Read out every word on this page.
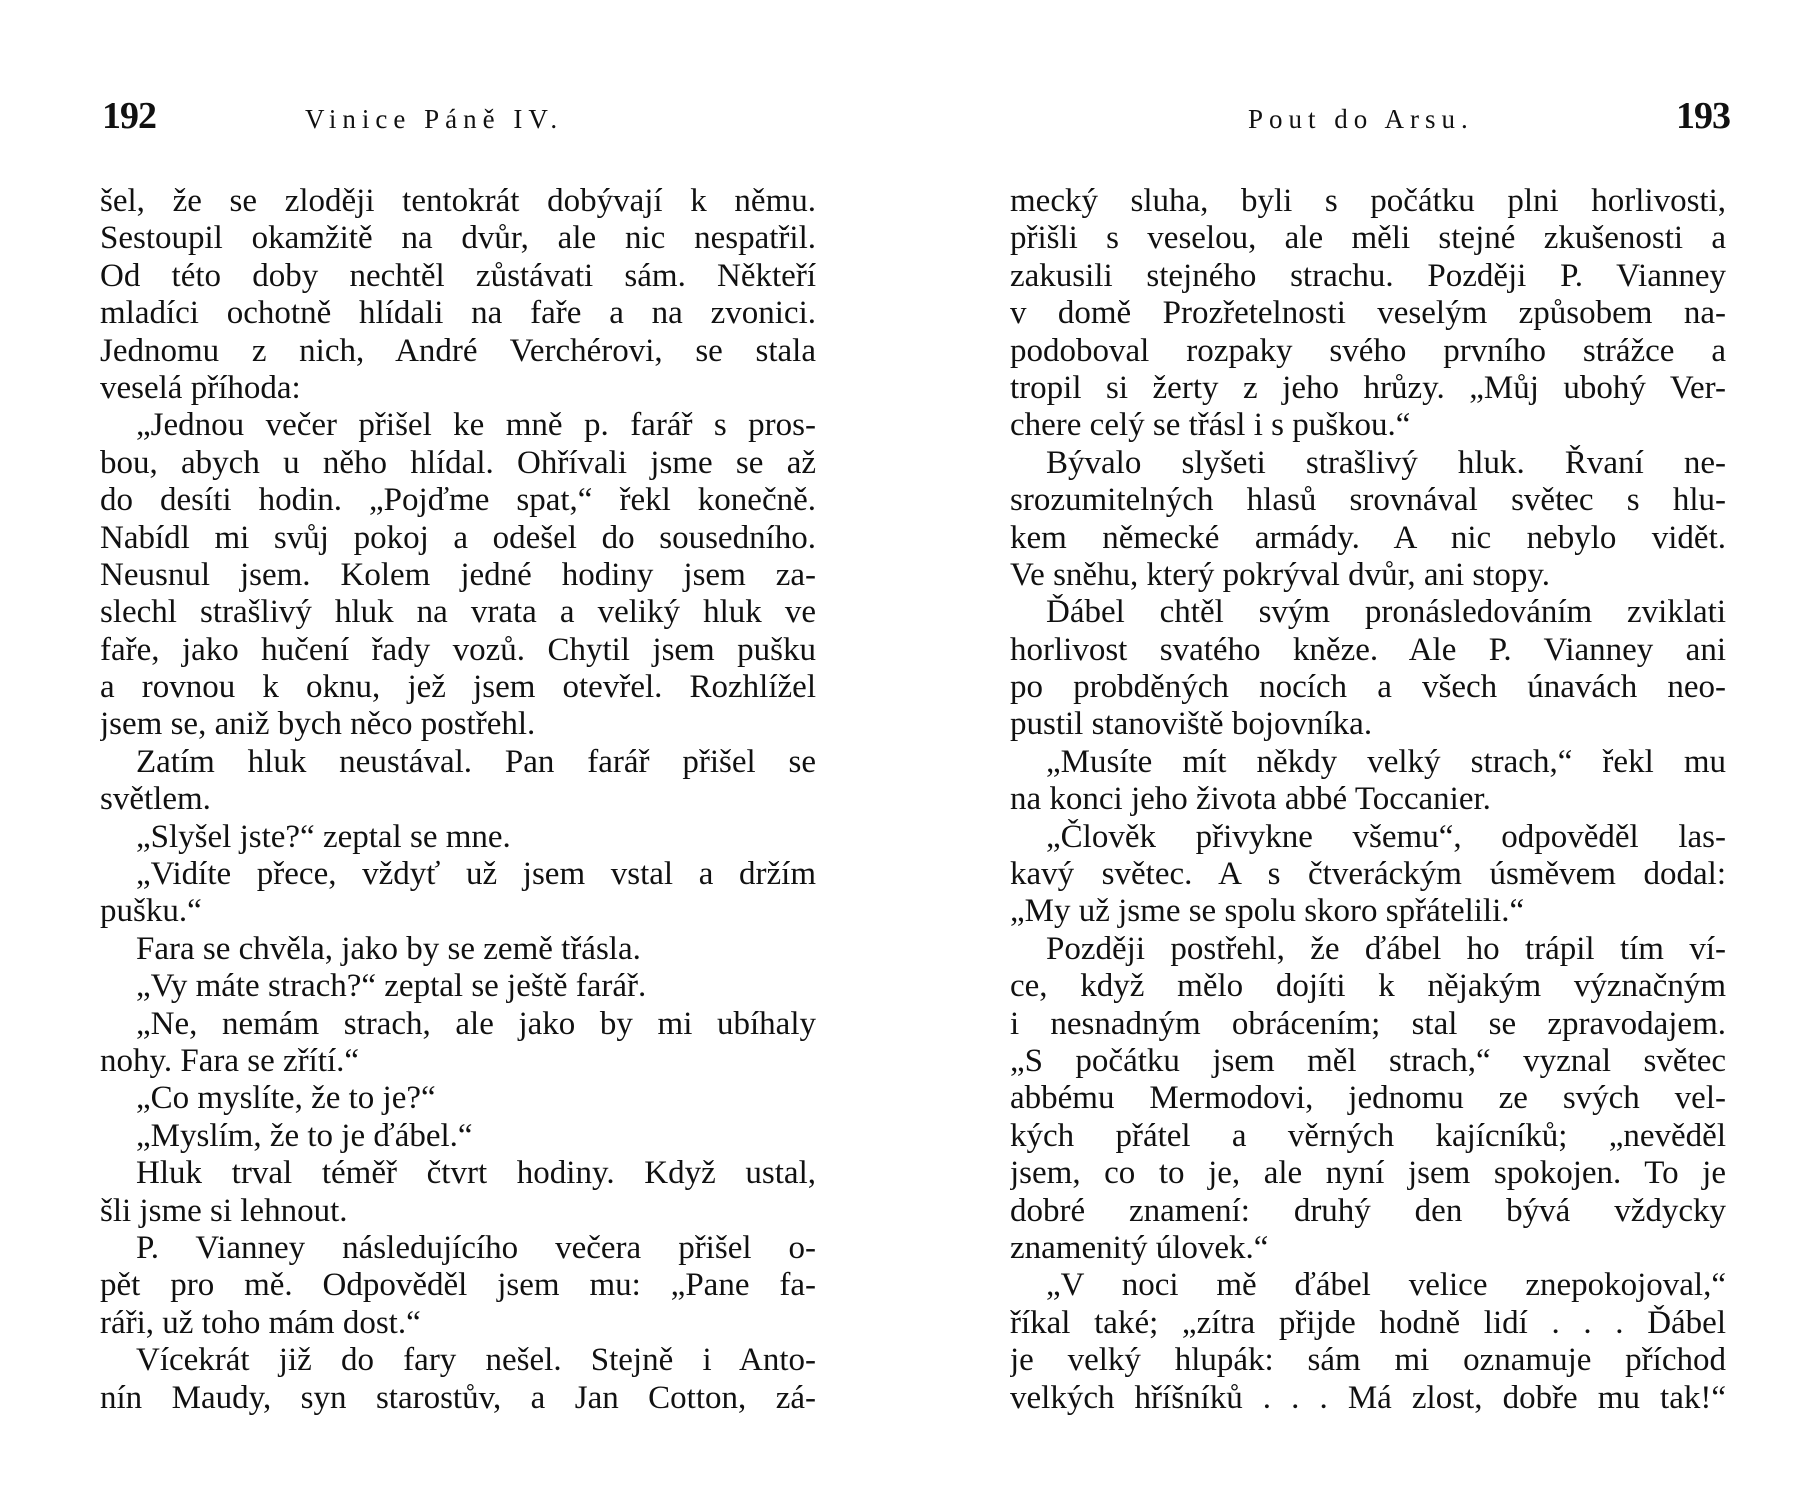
192	Vinice Páně IV.
šel, že se zloději tentokrát dobývají k němu.
Sestoupil okamžitě na dvůr, ale nic nespatřil.
Od této doby nechtěl zůstávati sám. Někteří
mladíci ochotně hlídali na faře a na zvonici.
Jednomu z nich, André Verchérovi, se stala
veselá příhoda:
„Jednou večer přišel ke mně p. farář s pros-
bou, abych u něho hlídal. Ohřívali jsme se až
do desíti hodin. „Pojďme spat,“ řekl konečně.
Nabídl mi svůj pokoj a odešel do sousedního.
Neusnul jsem. Kolem jedné hodiny jsem za-
slechl strašlivý hluk na vrata a veliký hluk ve
faře, jako hučení řady vozů. Chytil jsem pušku
a rovnou k oknu, jež jsem otevřel. Rozhlížel
jsem se, aniž bych něco postřehl.
Zatím hluk neustával. Pan farář přišel se
světlem.
„Slyšel jste?“ zeptal se mne.
„Vidíte přece, vždyť už jsem vstal a držím
pušku.“
Fara se chvěla, jako by se země třásla.
„Vy máte strach?“ zeptal se ještě farář.
„Ne, nemám strach, ale jako by mi ubíhaly
nohy. Fara se zřítí.“
„Co myslíte, že to je?“
„Myslím, že to je ďábel.“
Hluk trval téměř čtvrt hodiny. Když ustal,
šli jsme si lehnout.
P. Vianney následujícího večera přišel o-
pět pro mě. Odpověděl jsem mu: „Pane fa-
ráři, už toho mám dost.“
Vícekrát již do fary nešel. Stejně i Anto-
nín Maudy, syn starostův, a Jan Cotton, zá-
Pout do Arsu.	193
mecký sluha, byli s počátku plni horlivosti,
přišli s veselou, ale měli stejné zkušenosti a
zakusili stejného strachu. Později P. Vianney
v domě Prozřetelnosti veselým způsobem na-
podoboval rozpaky svého prvního strážce a
tropil si žerty z jeho hrůzy. „Můj ubohý Ver-
chere celý se třásl i s puškou.“
Bývalo slyšeti strašlivý hluk. Řvaní ne-
srozumitelných hlasů srovnával světec s hlu-
kem německé armády. A nic nebylo vidět.
Ve sněhu, který pokrýval dvůr, ani stopy.
Ďábel chtěl svým pronásledováním zviklati
horlivost svatého kněze. Ale P. Vianney ani
po probděných nocích a všech únavách neo-
pustil stanoviště bojovníka.
„Musíte mít někdy velký strach,“ řekl mu
na konci jeho života abbé Toccanier.
„Člověk přivykne všemu“, odpověděl las-
kavý světec. A s čtveráckým úsměvem dodal:
„My už jsme se spolu skoro spřátelili.“
Později postřehl, že ďábel ho trápil tím ví-
ce, když mělo dojíti k nějakým význačným
i nesnadným obrácením; stal se zpravodajem.
„S počátku jsem měl strach,“ vyznal světec
abbému Mermodovi, jednomu ze svých vel-
kých přátel a věrných kajícníků; „nevěděl
jsem, co to je, ale nyní jsem spokojen. To je
dobré znamení: druhý den bývá vždycky
znamenitý úlovek.“
„V noci mě ďábel velice znepokojoval,“
říkal také; „zítra přijde hodně lidí . . . Ďábel
je velký hlupák: sám mi oznamuje příchod
velkých hříšníků . . . Má zlost, dobře mu tak!“
